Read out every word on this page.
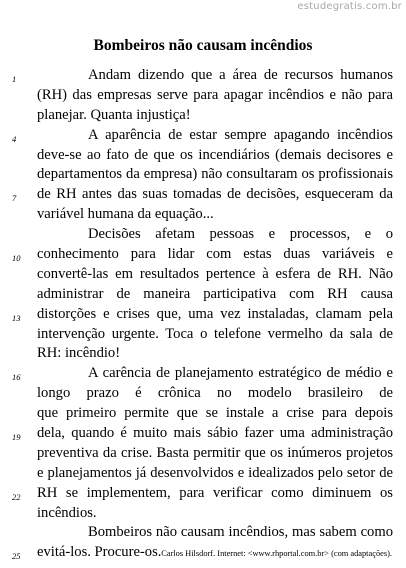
estudegratis.com.br
Bombeiros não causam incêndios
1	Andam dizendo que a área de recursos humanos
(RH) das empresas serve para apagar incêndios e não para
planejar. Quanta injustiça!
4	A aparência de estar sempre apagando incêndios
deve-se ao fato de que os incendiários (demais decisores e
departamentos da empresa) não consultaram os profissionais
7 de RH antes das suas tomadas de decisões, esqueceram da
variável humana da equação...
Decisões afetam pessoas e processos, e o
10 conhecimento para lidar com estas duas variáveis e
convertê-las em resultados pertence à esfera de RH. Não
administrar de maneira participativa com RH causa
13 distorções e crises que, uma vez instaladas, clamam pela
intervenção urgente. Toca o telefone vermelho da sala de
RH: incêndio!
16	A carência de planejamento estratégico de médio e
longo prazo é crônica no modelo brasileiro de
que primeiro permite que se instale a crise para depois
19 dela, quando é muito mais sábio fazer uma administração
preventiva da crise. Basta permitir que os inúmeros projetos
e planejamentos já desenvolvidos e idealizados pelo setor de
22 RH se implementem, para verificar como diminuem os
incêndios.
Bombeiros não causam incêndios, mas sabem como
25 evitá-los. Procure-os. Carlos Hilsdorf. Internet: <www.rhportal.com.br> (com adaptações).
